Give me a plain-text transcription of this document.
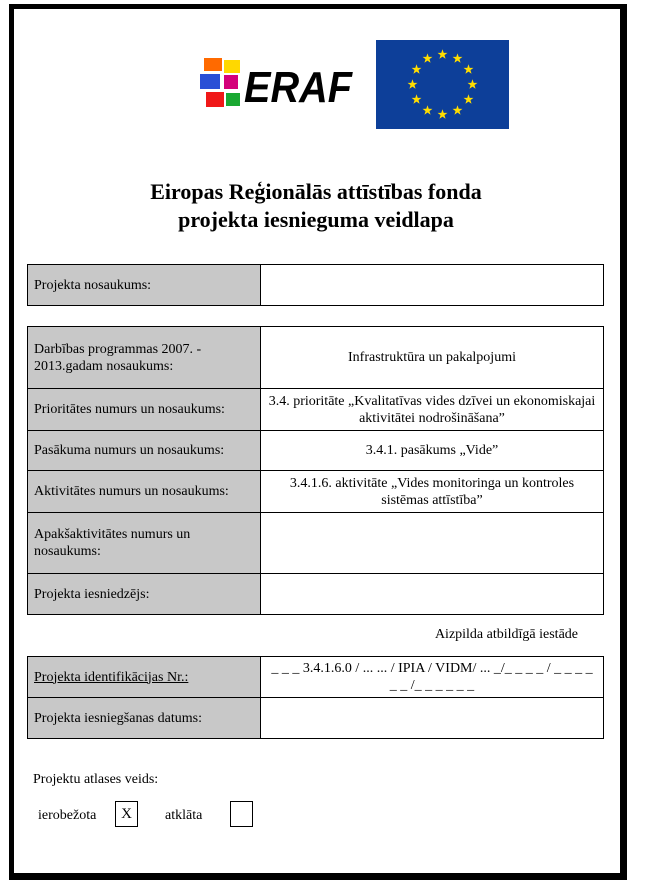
ERAF
Eiropas Reģionālās attīstības fonda
projekta iesnieguma veidlapa
Projekta nosaukums:	
Darbības programmas 2007. - 2013.gadam nosaukums:	Infrastruktūra un pakalpojumi
Prioritātes numurs un nosaukums:	3.4. prioritāte „Kvalitatīvas vides dzīvei un ekonomiskajai aktivitātei nodrošināšana”
Pasākuma numurs un nosaukums:	3.4.1. pasākums „Vide”
Aktivitātes numurs un nosaukums:	3.4.1.6. aktivitāte „Vides monitoringa un kontroles sistēmas attīstība”
Apakšaktivitātes numurs un nosaukums:	
Projekta iesniedzējs:	
Aizpilda atbildīgā iestāde
Projekta identifikācijas Nr.:	_ _ _ 3.4.1.6.0 / ... ... / IPIA / VIDM/ ... _/_ _ _ _ / _ _ _ _ _ _ /_ _ _ _ _ _
Projekta iesniegšanas datums:	
Projektu atlases veids:
ierobežota	X	atklāta
